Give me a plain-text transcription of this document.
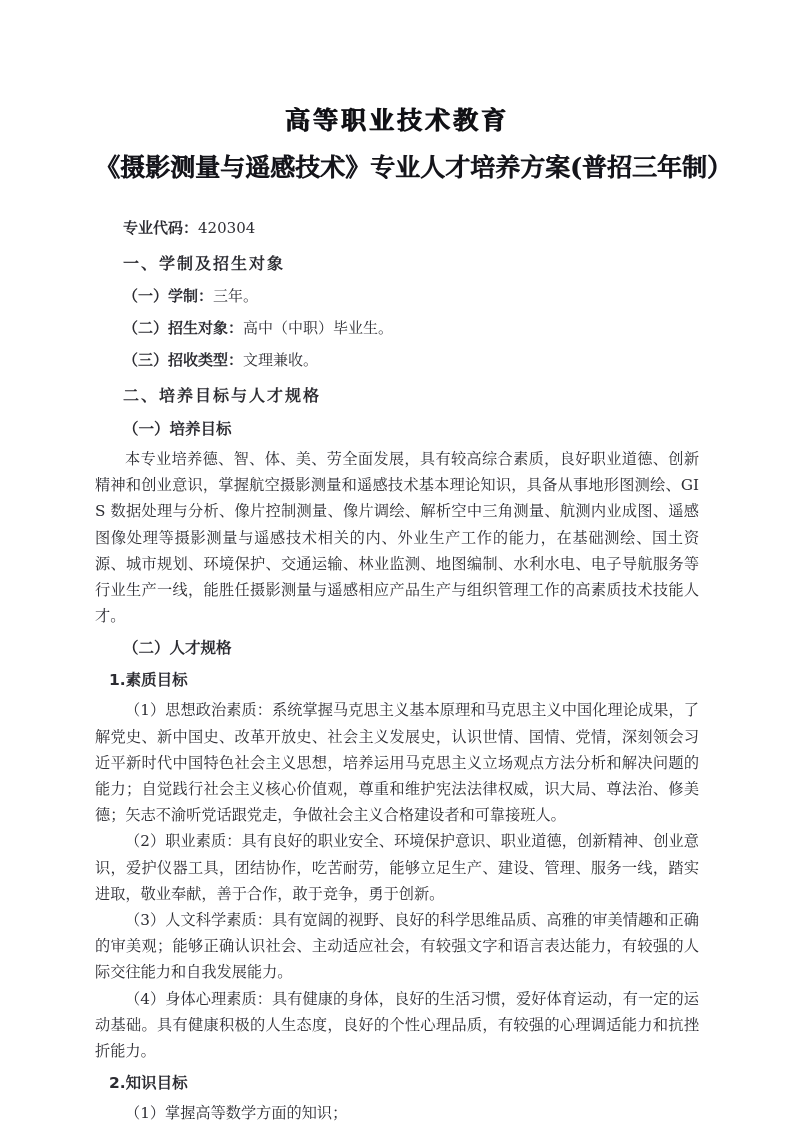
高等职业技术教育
《摄影测量与遥感技术》专业人才培养方案(普招三年制）
专业代码：420304
一、学制及招生对象
（一）学制：三年。
（二）招生对象：高中（中职）毕业生。
（三）招收类型：文理兼收。
二、培养目标与人才规格
（一）培养目标
本专业培养德、智、体、美、劳全面发展，具有较高综合素质，良好职业道德、创新精神和创业意识，掌握航空摄影测量和遥感技术基本理论知识，具备从事地形图测绘、GIS 数据处理与分析、像片控制测量、像片调绘、解析空中三角测量、航测内业成图、遥感图像处理等摄影测量与遥感技术相关的内、外业生产工作的能力，在基础测绘、国土资源、城市规划、环境保护、交通运输、林业监测、地图编制、水利水电、电子导航服务等行业生产一线，能胜任摄影测量与遥感相应产品生产与组织管理工作的高素质技术技能人才。
（二）人才规格
1.素质目标
（1）思想政治素质：系统掌握马克思主义基本原理和马克思主义中国化理论成果，了解党史、新中国史、改革开放史、社会主义发展史，认识世情、国情、党情，深刻领会习近平新时代中国特色社会主义思想，培养运用马克思主义立场观点方法分析和解决问题的能力；自觉践行社会主义核心价值观，尊重和维护宪法法律权威，识大局、尊法治、修美德；矢志不渝听党话跟党走，争做社会主义合格建设者和可靠接班人。
（2）职业素质：具有良好的职业安全、环境保护意识、职业道德，创新精神、创业意识，爱护仪器工具，团结协作，吃苦耐劳，能够立足生产、建设、管理、服务一线，踏实进取，敬业奉献，善于合作，敢于竞争，勇于创新。
（3）人文科学素质：具有宽阔的视野、良好的科学思维品质、高雅的审美情趣和正确的审美观；能够正确认识社会、主动适应社会，有较强文字和语言表达能力，有较强的人际交往能力和自我发展能力。
（4）身体心理素质：具有健康的身体，良好的生活习惯，爱好体育运动，有一定的运动基础。具有健康积极的人生态度，良好的个性心理品质，有较强的心理调适能力和抗挫折能力。
2.知识目标
（1）掌握高等数学方面的知识；
